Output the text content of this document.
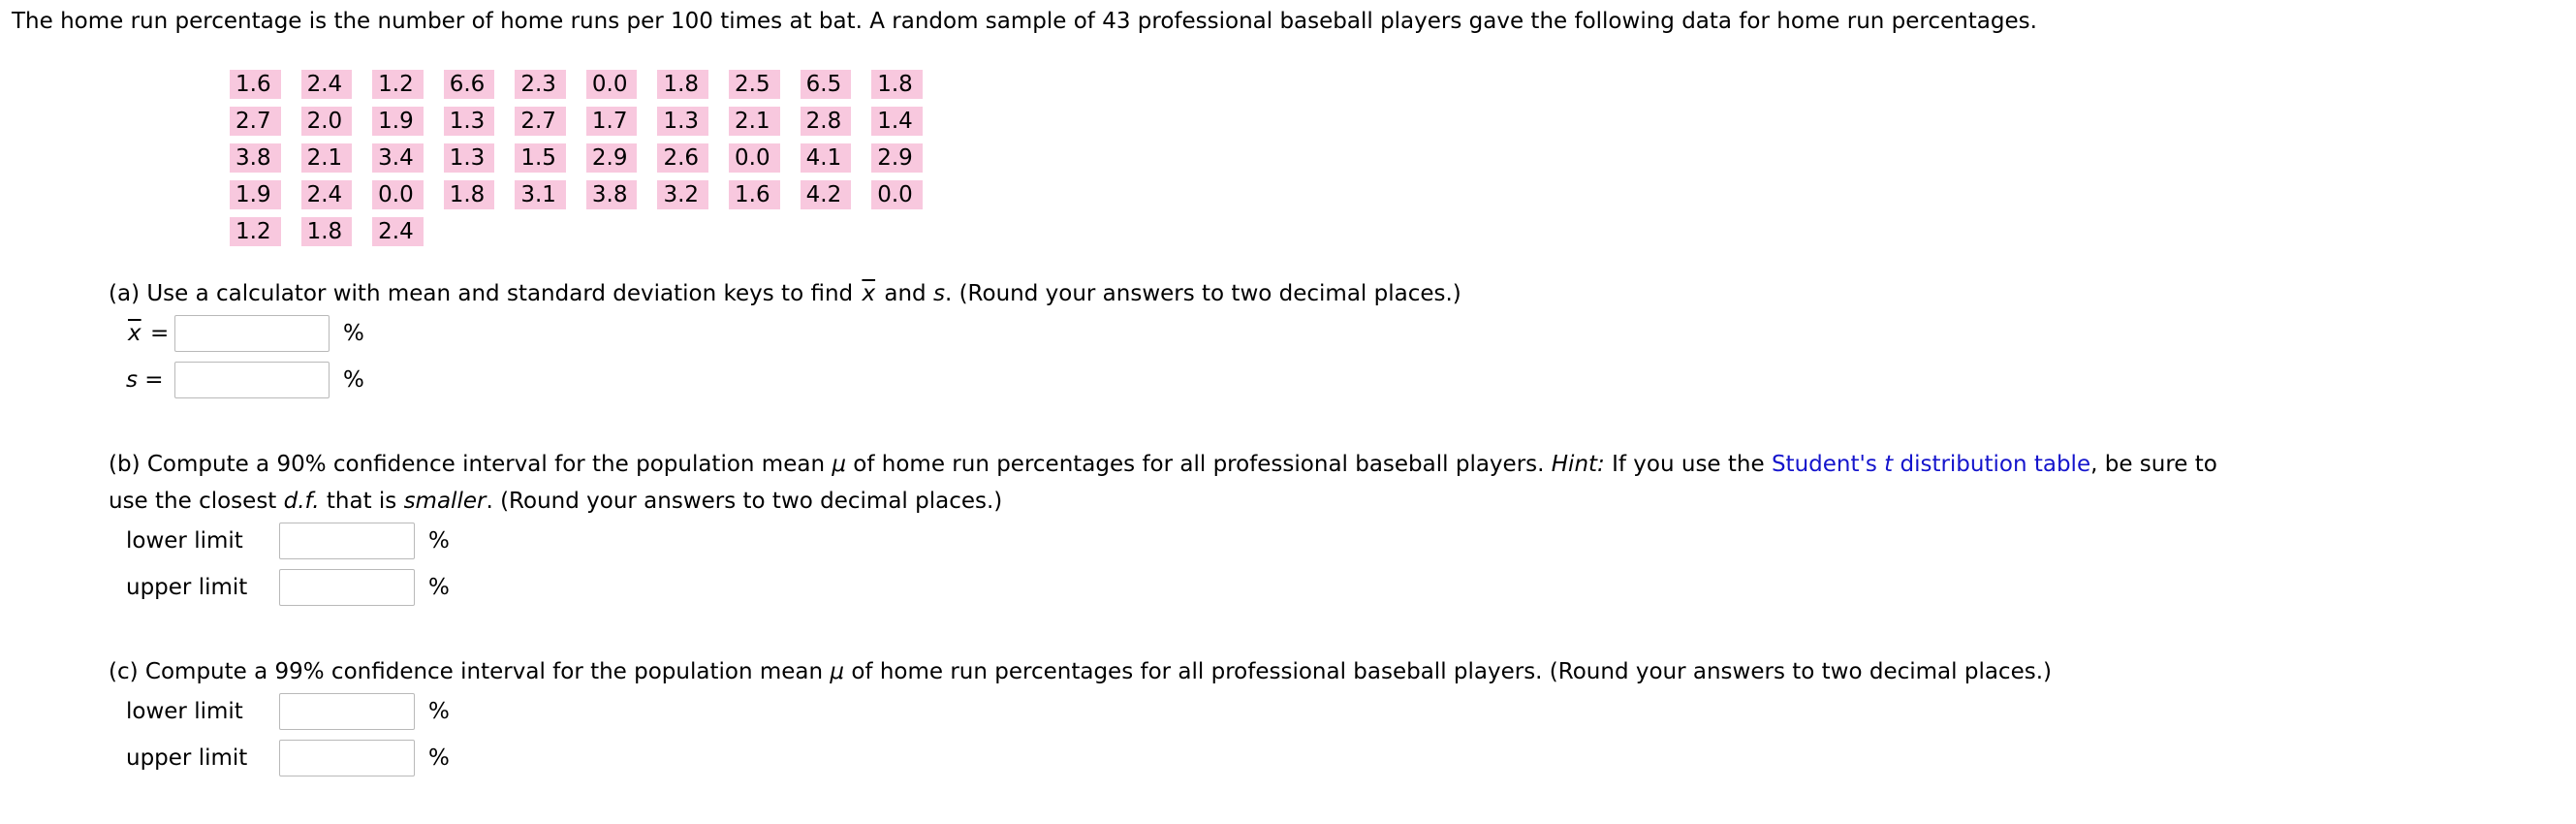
The home run percentage is the number of home runs per 100 times at bat. A random sample of 43 professional baseball players gave the following data for home run percentages.
1.6	2.4	1.2	6.6	2.3	0.0	1.8	2.5	6.5	1.8
2.7	2.0	1.9	1.3	2.7	1.7	1.3	2.1	2.8	1.4
3.8	2.1	3.4	1.3	1.5	2.9	2.6	0.0	4.1	2.9
1.9	2.4	0.0	1.8	3.1	3.8	3.2	1.6	4.2	0.0
1.2	1.8	2.4							
(a) Use a calculator with mean and standard deviation keys to find $\overline{x}$ and s. (Round your answers to two decimal places.)
$\overline{x}$ =	%
s =	%
(b) Compute a 90% confidence interval for the population mean μ of home run percentages for all professional baseball players. Hint: If you use the Student's t distribution table, be sure to
use the closest d.f. that is smaller. (Round your answers to two decimal places.)
lower limit	%
upper limit	%
(c) Compute a 99% confidence interval for the population mean μ of home run percentages for all professional baseball players. (Round your answers to two decimal places.)
lower limit	%
upper limit	%
